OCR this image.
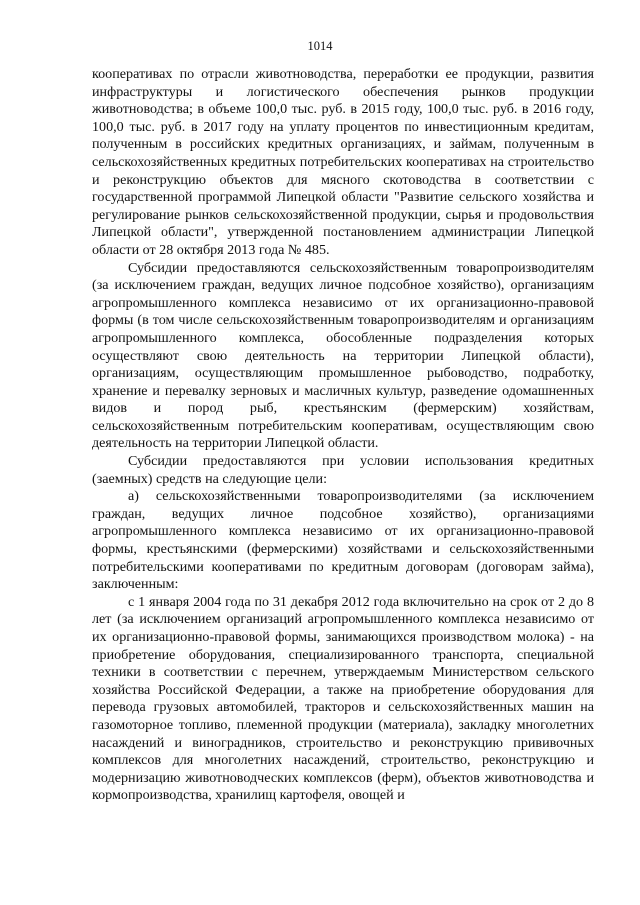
1014

кооперативах по отрасли животноводства, переработки ее продукции, развития инфраструктуры и логистического обеспечения рынков продукции животноводства; в объеме 100,0 тыс. руб. в 2015 году, 100,0 тыс. руб. в 2016 году, 100,0 тыс. руб. в 2017 году на уплату процентов по инвестиционным кредитам, полученным в российских кредитных организациях, и займам, полученным в сельскохозяйственных кредитных потребительских кооперативах на строительство и реконструкцию объектов для мясного скотоводства в соответствии с государственной программой Липецкой области "Развитие сельского хозяйства и регулирование рынков сельскохозяйственной продукции, сырья и продовольствия Липецкой области", утвержденной постановлением администрации Липецкой области от 28 октября 2013 года № 485.

Субсидии предоставляются сельскохозяйственным товаропроизводителям (за исключением граждан, ведущих личное подсобное хозяйство), организациям агропромышленного комплекса независимо от их организационно-правовой формы (в том числе сельскохозяйственным товаропроизводителям и организациям агропромышленного комплекса, обособленные подразделения которых осуществляют свою деятельность на территории Липецкой области), организациям, осуществляющим промышленное рыбоводство, подработку, хранение и перевалку зерновых и масличных культур, разведение одомашненных видов и пород рыб, крестьянским (фермерским) хозяйствам, сельскохозяйственным потребительским кооперативам, осуществляющим свою деятельность на территории Липецкой области.

Субсидии предоставляются при условии использования кредитных (заемных) средств на следующие цели:

а) сельскохозяйственными товаропроизводителями (за исключением граждан, ведущих личное подсобное хозяйство), организациями агропромышленного комплекса независимо от их организационно-правовой формы, крестьянскими (фермерскими) хозяйствами и сельскохозяйственными потребительскими кооперативами по кредитным договорам (договорам займа), заключенным:

с 1 января 2004 года по 31 декабря 2012 года включительно на срок от 2 до 8 лет (за исключением организаций агропромышленного комплекса независимо от их организационно-правовой формы, занимающихся производством молока) - на приобретение оборудования, специализированного транспорта, специальной техники в соответствии с перечнем, утверждаемым Министерством сельского хозяйства Российской Федерации, а также на приобретение оборудования для перевода грузовых автомобилей, тракторов и сельскохозяйственных машин на газомоторное топливо, племенной продукции (материала), закладку многолетних насаждений и виноградников, строительство и реконструкцию прививочных комплексов для многолетних насаждений, строительство, реконструкцию и модернизацию животноводческих комплексов (ферм), объектов животноводства и кормопроизводства, хранилищ картофеля, овощей и
